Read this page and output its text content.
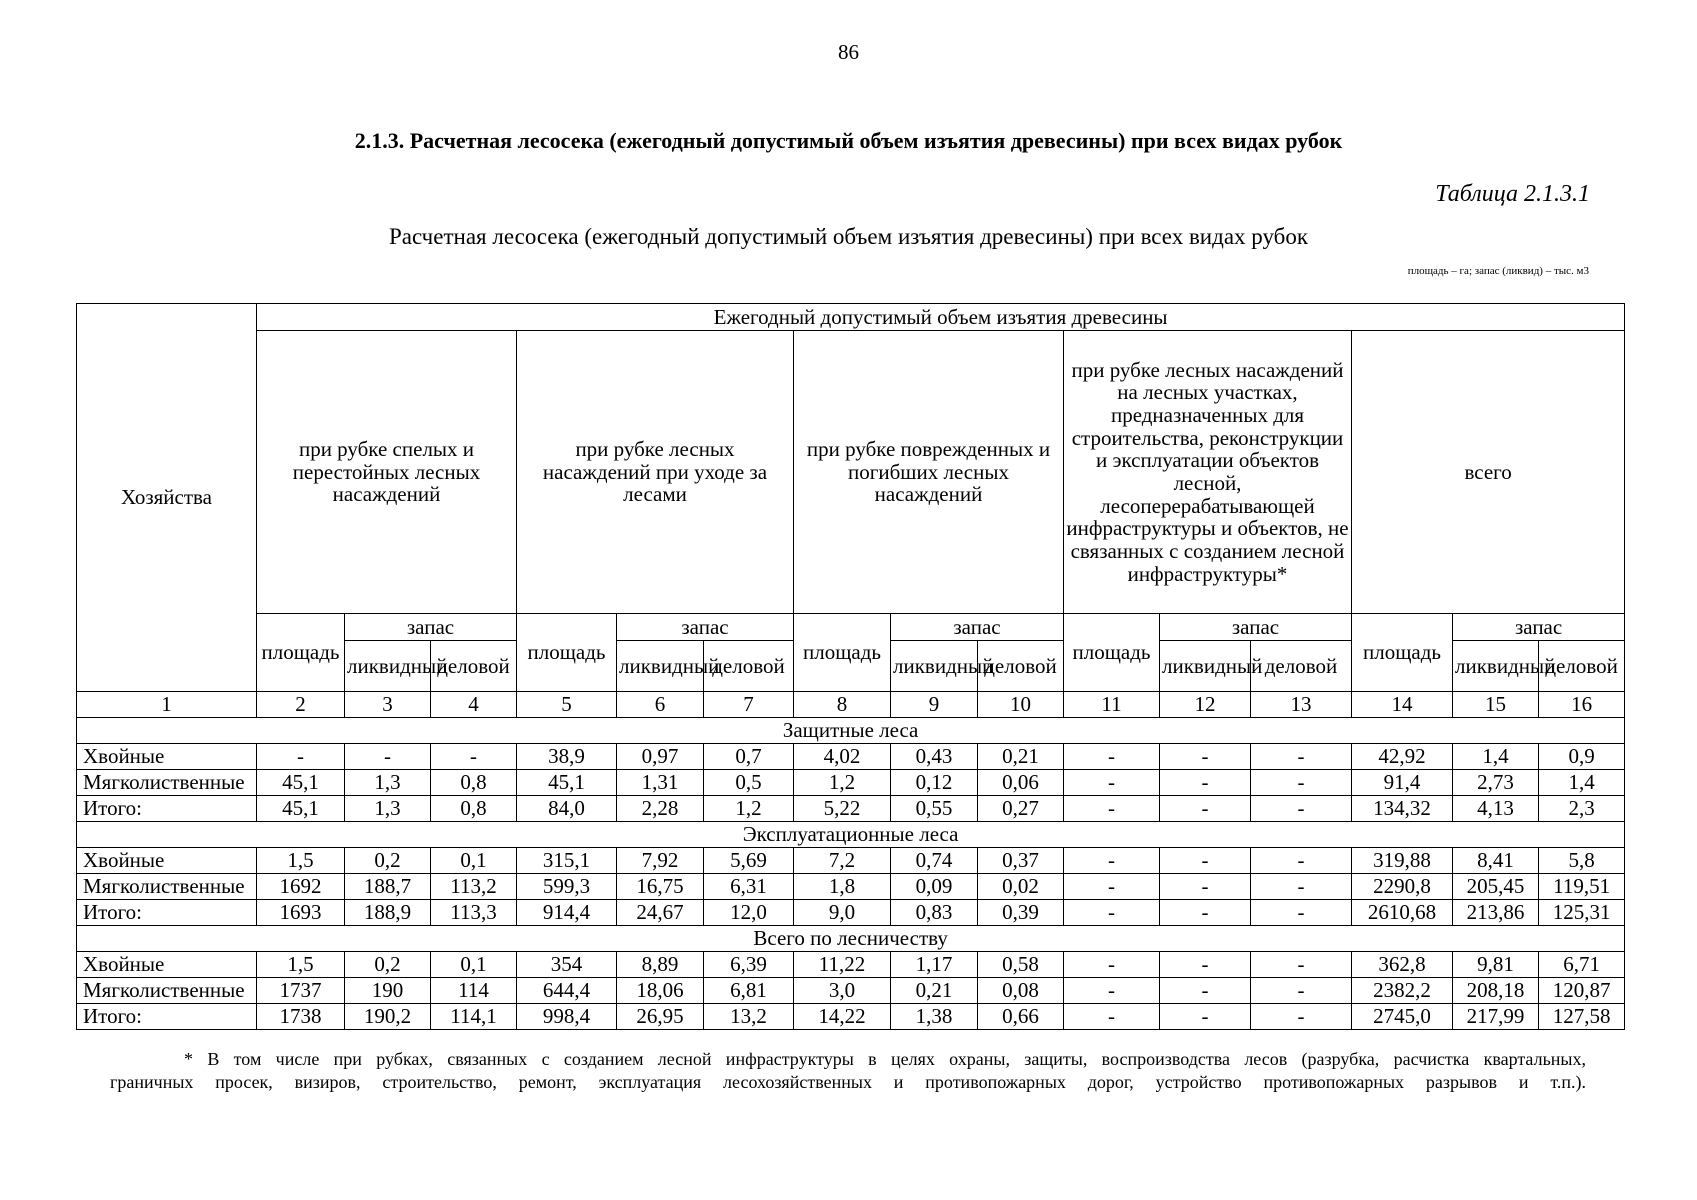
86
2.1.3. Расчетная лесосека (ежегодный допустимый объем изъятия древесины) при всех видах рубок
Таблица 2.1.3.1
Расчетная лесосека (ежегодный допустимый объем изъятия древесины) при всех видах рубок
площадь – га; запас (ликвид) – тыс. м3
Хозяйства	Ежегодный допустимый объем изъятия древесины														
	при рубке спелых и перестойных лесных насаждений			при рубке лесных насаждений при уходе за лесами			при рубке поврежденных и погибших лесных насаждений			при рубке лесных насаждений на лесных участках, предназначенных для строительства, реконструкции и эксплуатации объектов лесной, лесоперерабатывающей инфраструктуры и объектов, не связанных с созданием лесной инфраструктуры*			всего		
	площадь	запас		площадь	запас		площадь	запас		площадь	запас		площадь	запас	
		ликвидный	деловой		ликвидный	деловой		ликвидный	деловой		ликвидный	деловой		ликвидный	деловой
1	2	3	4	5	6	7	8	9	10	11	12	13	14	15	16
Защитные леса															
Хвойные	-	-	-	38,9	0,97	0,7	4,02	0,43	0,21	-	-	-	42,92	1,4	0,9
Мягколиственные	45,1	1,3	0,8	45,1	1,31	0,5	1,2	0,12	0,06	-	-	-	91,4	2,73	1,4
Итого:	45,1	1,3	0,8	84,0	2,28	1,2	5,22	0,55	0,27	-	-	-	134,32	4,13	2,3
Эксплуатационные леса															
Хвойные	1,5	0,2	0,1	315,1	7,92	5,69	7,2	0,74	0,37	-	-	-	319,88	8,41	5,8
Мягколиственные	1692	188,7	113,2	599,3	16,75	6,31	1,8	0,09	0,02	-	-	-	2290,8	205,45	119,51
Итого:	1693	188,9	113,3	914,4	24,67	12,0	9,0	0,83	0,39	-	-	-	2610,68	213,86	125,31
Всего по лесничеству															
Хвойные	1,5	0,2	0,1	354	8,89	6,39	11,22	1,17	0,58	-	-	-	362,8	9,81	6,71
Мягколиственные	1737	190	114	644,4	18,06	6,81	3,0	0,21	0,08	-	-	-	2382,2	208,18	120,87
Итого:	1738	190,2	114,1	998,4	26,95	13,2	14,22	1,38	0,66	-	-	-	2745,0	217,99	127,58
* В том числе при рубках, связанных с созданием лесной инфраструктуры в целях охраны, защиты, воспроизводства лесов (разрубка, расчистка квартальных,
граничных просек, визиров, строительство, ремонт, эксплуатация лесохозяйственных и противопожарных дорог, устройство противопожарных разрывов и т.п.).
